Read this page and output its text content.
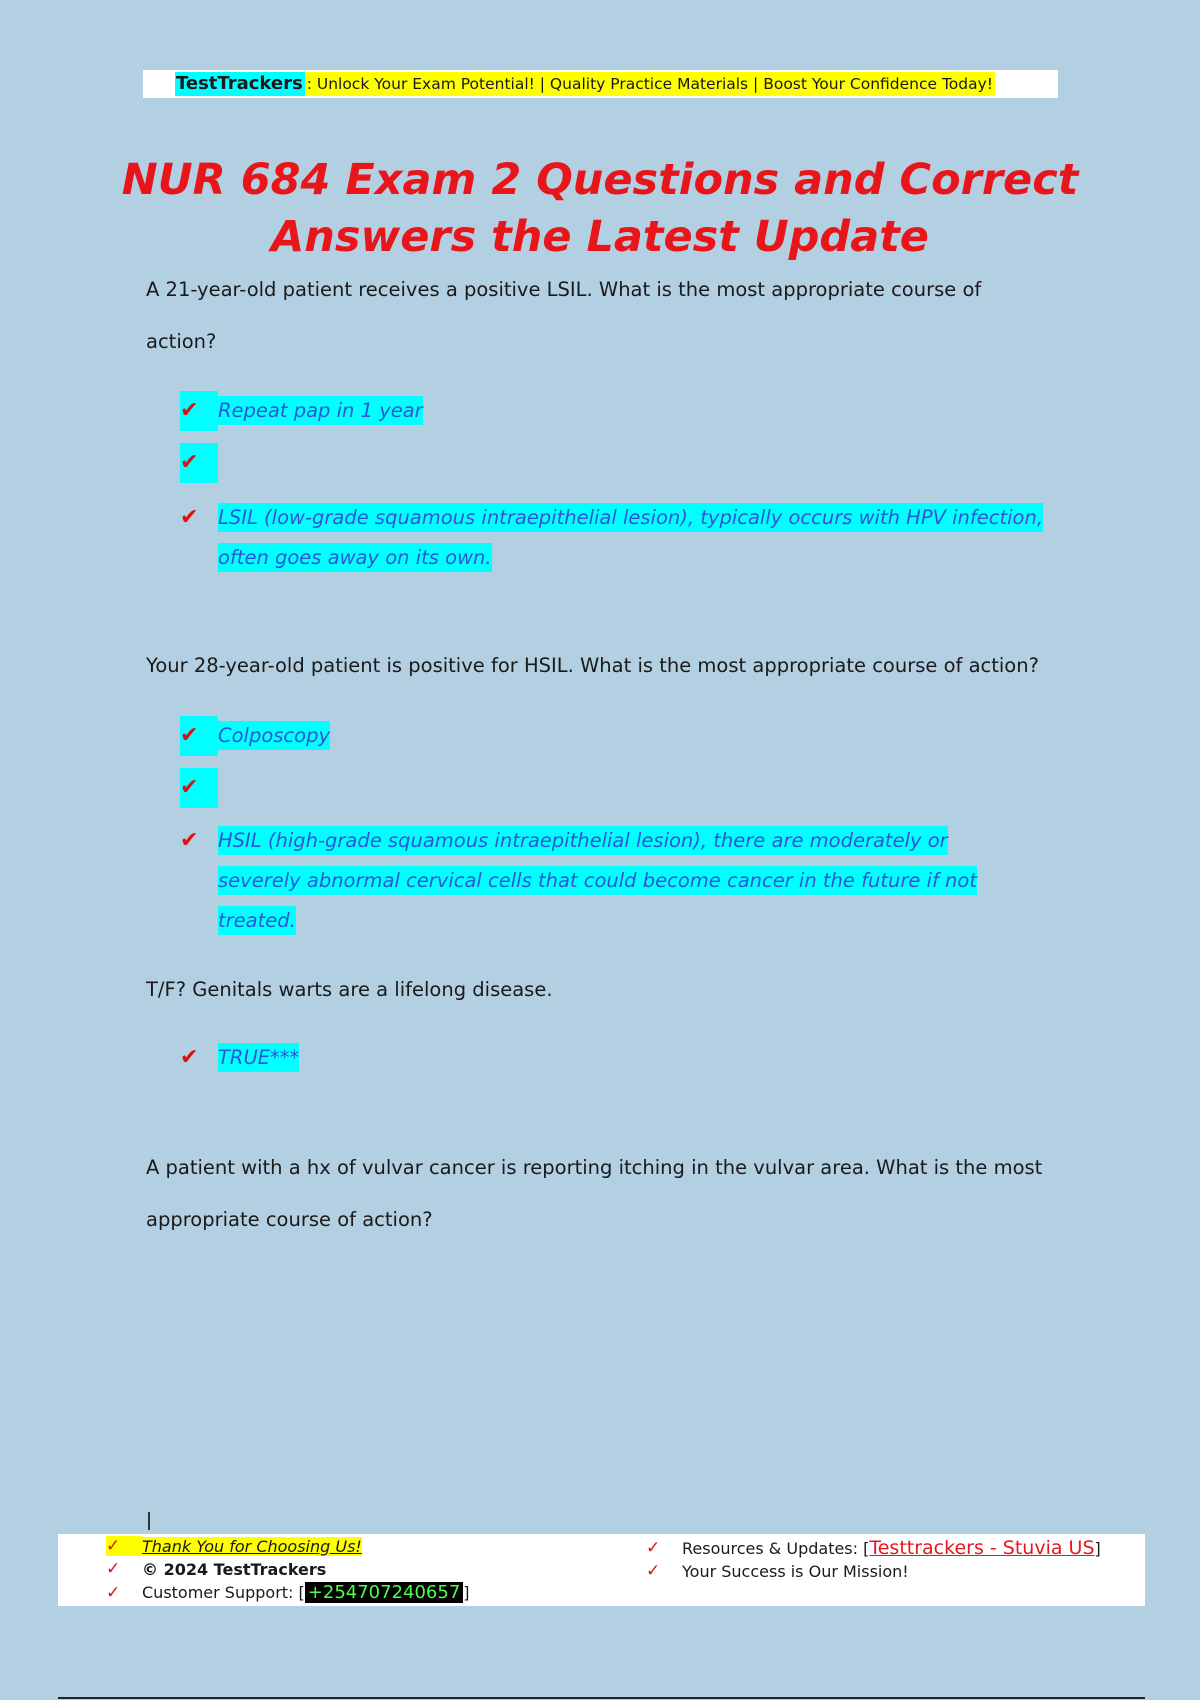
TestTrackers : Unlock Your Exam Potential! | Quality Practice Materials | Boost Your Confidence Today!
NUR 684 Exam 2 Questions and Correct Answers the Latest Update

A 21-year-old patient receives a positive LSIL. What is the most appropriate course of action?

✔	Repeat pap in 1 year
✔
✔	LSIL (low-grade squamous intraepithelial lesion), typically occurs with HPV infection, often goes away on its own.

Your 28-year-old patient is positive for HSIL. What is the most appropriate course of action?

✔	Colposcopy
✔
✔	HSIL (high-grade squamous intraepithelial lesion), there are moderately or severely abnormal cervical cells that could become cancer in the future if not treated.

T/F? Genitals warts are a lifelong disease.

✔	TRUE***

A patient with a hx of vulvar cancer is reporting itching in the vulvar area. What is the most appropriate course of action?

✓	Thank You for Choosing Us!
✓	© 2024 TestTrackers
✓	Customer Support: [ +254707240657 ]
✓	Resources & Updates: [ Testtrackers - Stuvia US ]
✓	Your Success is Our Mission!
